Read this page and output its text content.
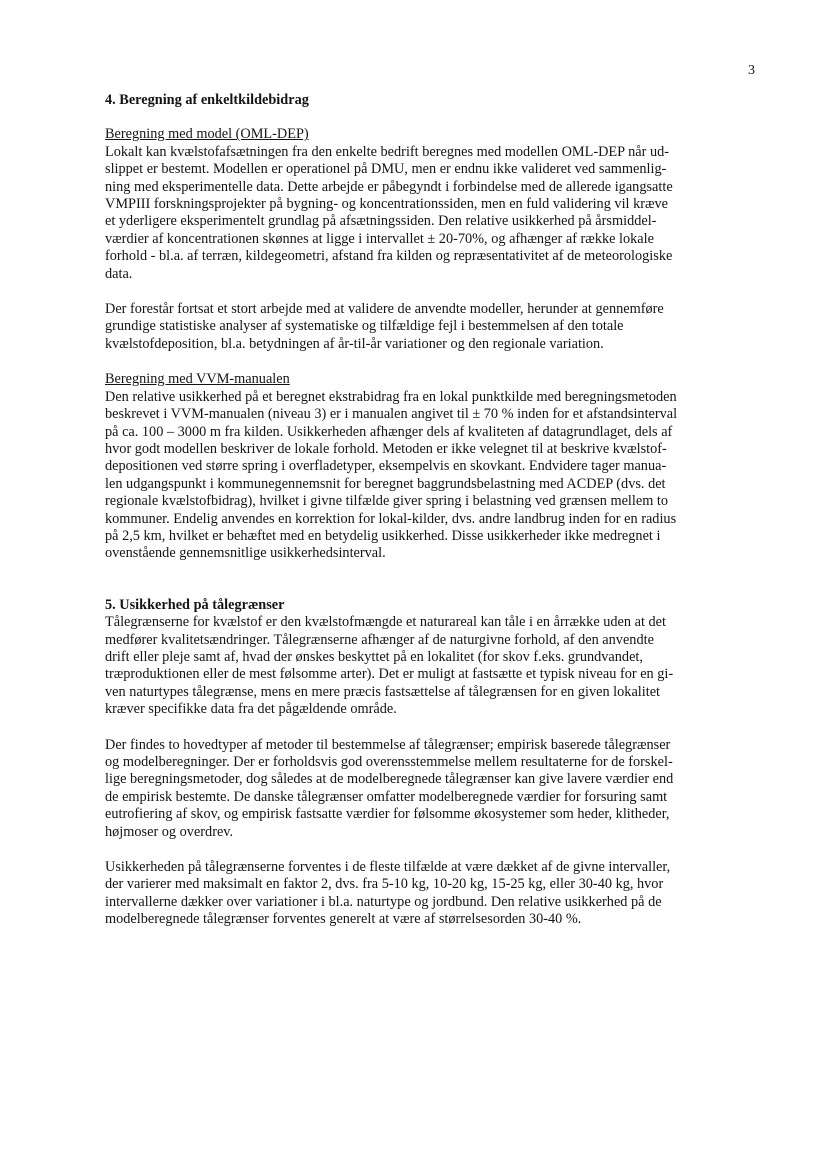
3
4. Beregning af enkeltkildebidrag
Beregning med model (OML-DEP)

Lokalt kan kvælstofafsætningen fra den enkelte bedrift beregnes med modellen OML-DEP når ud-
slippet er bestemt. Modellen er operationel på DMU, men er endnu ikke valideret ved sammenlig-
ning med eksperimentelle data. Dette arbejde er påbegyndt i forbindelse med de allerede igangsatte
VMPIII forskningsprojekter på bygning- og koncentrationssiden, men en fuld validering vil kræve
et yderligere eksperimentelt grundlag på afsætningssiden. Den relative usikkerhed på årsmiddel-
værdier af koncentrationen skønnes at ligge i intervallet ± 20-70%, og afhænger af række lokale
forhold - bl.a. af terræn, kildegeometri, afstand fra kilden og repræsentativitet af de meteorologiske
data.

Der forestår fortsat et stort arbejde med at validere de anvendte modeller, herunder at gennemføre
grundige statistiske analyser af systematiske og tilfældige fejl i bestemmelsen af den totale
kvælstofdeposition, bl.a. betydningen af år-til-år variationer og den regionale variation.

Beregning med VVM-manualen

Den relative usikkerhed på et beregnet ekstrabidrag fra en lokal punktkilde med beregningsmetoden
beskrevet i VVM-manualen (niveau 3) er i manualen angivet til ± 70 % inden for et afstandsinterval
på ca. 100 – 3000 m fra kilden. Usikkerheden afhænger dels af kvaliteten af datagrundlaget, dels af
hvor godt modellen beskriver de lokale forhold. Metoden er ikke velegnet til at beskrive kvælstof-
depositionen ved større spring i overfladetyper, eksempelvis en skovkant. Endvidere tager manua-
len udgangspunkt i kommunegennemsnit for beregnet baggrundsbelastning med ACDEP (dvs. det
regionale kvælstofbidrag), hvilket i givne tilfælde giver spring i belastning ved grænsen mellem to
kommuner. Endelig anvendes en korrektion for lokal-kilder, dvs. andre landbrug inden for en radius
på 2,5 km, hvilket er behæftet med en betydelig usikkerhed. Disse usikkerheder ikke medregnet i
ovenstående gennemsnitlige usikkerhedsinterval.

5. Usikkerhed på tålegrænser

Tålegrænserne for kvælstof er den kvælstofmængde et naturareal kan tåle i en årrække uden at det
medfører kvalitetsændringer. Tålegrænserne afhænger af de naturgivne forhold, af den anvendte
drift eller pleje samt af, hvad der ønskes beskyttet på en lokalitet (for skov f.eks. grundvandet,
træproduktionen eller de mest følsomme arter). Det er muligt at fastsætte et typisk niveau for en gi-
ven naturtypes tålegrænse, mens en mere præcis fastsættelse af tålegrænsen for en given lokalitet
kræver specifikke data fra det pågældende område.

Der findes to hovedtyper af metoder til bestemmelse af tålegrænser; empirisk baserede tålegrænser
og modelberegninger. Der er forholdsvis god overensstemmelse mellem resultaterne for de forskel-
lige beregningsmetoder, dog således at de modelberegnede tålegrænser kan give lavere værdier end
de empirisk bestemte. De danske tålegrænser omfatter modelberegnede værdier for forsuring samt
eutrofiering af skov, og empirisk fastsatte værdier for følsomme økosystemer som heder, klitheder,
højmoser og overdrev.

Usikkerheden på tålegrænserne forventes i de fleste tilfælde at være dækket af de givne intervaller,
der varierer med maksimalt en faktor 2, dvs. fra 5-10 kg, 10-20 kg, 15-25 kg, eller 30-40 kg, hvor
intervallerne dækker over variationer i bl.a. naturtype og jordbund. Den relative usikkerhed på de
modelberegnede tålegrænser forventes generelt at være af størrelsesorden 30-40 %.
